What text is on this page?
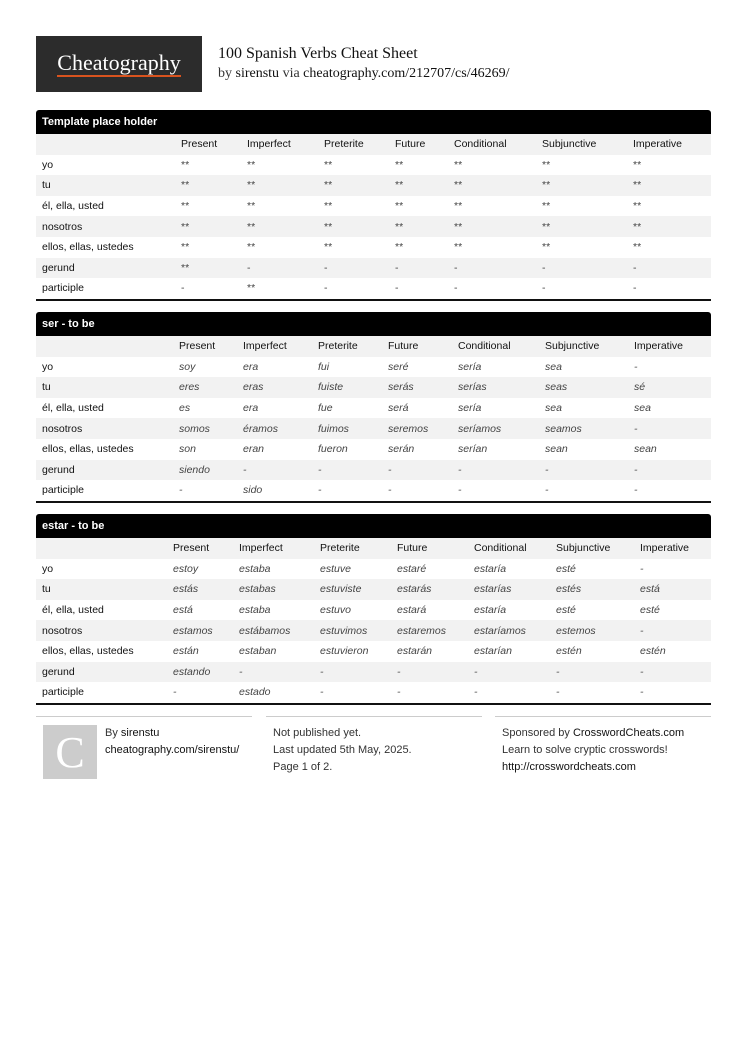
Cheatography 100 Spanish Verbs Cheat Sheet
by sirenstu via cheatography.com/212707/cs/46269/
Template place holder
	Present	Imperfect	Preterite	Future	Conditional	Subjunctive	Imperative
yo	**	**	**	**	**	**	**
tu	**	**	**	**	**	**	**
él, ella, usted	**	**	**	**	**	**	**
nosotros	**	**	**	**	**	**	**
ellos, ellas, ustedes	**	**	**	**	**	**	**
gerund	**	-	-	-	-	-	-
participle	-	**	-	-	-	-	-
ser - to be
	Present	Imperfect	Preterite	Future	Conditional	Subjunctive	Imperative
yo	soy	era	fui	seré	sería	sea	-
tu	eres	eras	fuiste	serás	serías	seas	sé
él, ella, usted	es	era	fue	será	sería	sea	sea
nosotros	somos	éramos	fuimos	seremos	seríamos	seamos	-
ellos, ellas, ustedes	son	eran	fueron	serán	serían	sean	sean
gerund	siendo	-	-	-	-	-	-
participle	-	sido	-	-	-	-	-
estar - to be
	Present	Imperfect	Preterite	Future	Conditional	Subjunctive	Imperative
yo	estoy	estaba	estuve	estaré	estaría	esté	-
tu	estás	estabas	estuviste	estarás	estarías	estés	está
él, ella, usted	está	estaba	estuvo	estará	estaría	esté	esté
nosotros	estamos	estábamos	estuvimos	estaremos	estaríamos	estemos	-
ellos, ellas, ustedes	están	estaban	estuvieron	estarán	estarían	estén	estén
gerund	estando	-	-	-	-	-	-
participle	-	estado	-	-	-	-	-
C	By sirenstu
cheatography.com/sirenstu/
Not published yet.
Last updated 5th May, 2025.
Page 1 of 2.
Sponsored by CrosswordCheats.com
Learn to solve cryptic crosswords!
http://crosswordcheats.com
